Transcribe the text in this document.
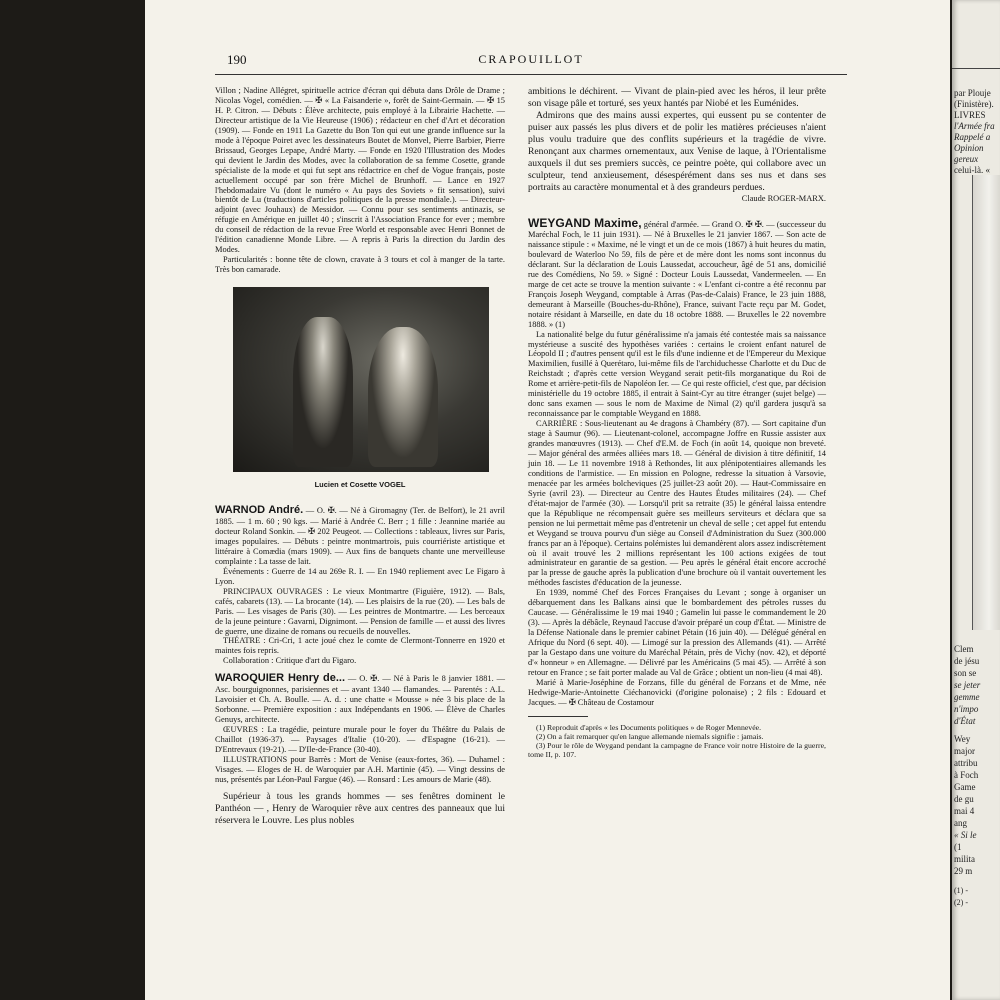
190	CRAPOUILLOT

Villon ; Nadine Allégret, spirituelle actrice d'écran qui débuta dans Drôle de Drame ; Nicolas Vogel, comédien. — ✠ « La Faisanderie », forêt de Saint-Germain. — ✠ 15 H. P. Citron. — Débuts : Élève architecte, puis employé à la Librairie Hachette. — Directeur artistique de la Vie Heureuse (1906) ; rédacteur en chef d'Art et décoration (1909). — Fonde en 1911 La Gazette du Bon Ton qui eut une grande influence sur la mode à l'époque Poiret avec les dessinateurs Boutet de Monvel, Pierre Barbier, Pierre Brissaud, Georges Lepape, André Marty. — Fonde en 1920 l'Illustration des Modes qui devient le Jardin des Modes, avec la collaboration de sa femme Cosette, grande spécialiste de la mode et qui fut sept ans rédactrice en chef de Vogue français, poste actuellement occupé par son frère Michel de Brunhoff. — Lance en 1927 l'hebdomadaire Vu (dont le numéro « Au pays des Soviets » fit sensation), suivi bientôt de Lu (traductions d'articles politiques de la presse mondiale.). — Directeur-adjoint (avec Jouhaux) de Messidor. — Connu pour ses sentiments antinazis, se réfugie en Amérique en juillet 40 ; s'inscrit à l'Association France for ever ; membre du conseil de rédaction de la revue Free World et responsable avec Henri Bonnet de l'édition canadienne Monde Libre. — A repris à Paris la direction du Jardin des Modes.

Particularités : bonne tête de clown, cravate à 3 tours et col à manger de la tarte. Très bon camarade.

Lucien et Cosette VOGEL

WARNOD André. — O. ✠. — Né à Giromagny (Ter. de Belfort), le 21 avril 1885. — 1 m. 60 ; 90 kgs. — Marié à Andrée C. Berr ; 1 fille : Jeannine mariée au docteur Roland Sonkin. — ✠ 202 Peugeot. — Collections : tableaux, livres sur Paris, images populaires. — Débuts : peintre montmartrois, puis courriériste artistique et littéraire à Comædia (mars 1909). — Aux fins de banquets chante une merveilleuse complainte : La tasse de lait.

Événements : Guerre de 14 au 269e R. I. — En 1940 repliement avec Le Figaro à Lyon.

PRINCIPAUX OUVRAGES : Le vieux Montmartre (Figuière, 1912). — Bals, cafés, cabarets (13). — La brocante (14). — Les plaisirs de la rue (20). — Les bals de Paris. — Les visages de Paris (30). — Les peintres de Montmartre. — Les berceaux de la jeune peinture : Gavarni, Dignimont. — Pension de famille — et aussi des livres de guerre, une dizaine de romans ou recueils de nouvelles.

THÉATRE : Cri-Cri, 1 acte joué chez le comte de Clermont-Tonnerre en 1920 et maintes fois repris.

Collaboration : Critique d'art du Figaro.

WAROQUIER Henry de... — O. ✠. — Né à Paris le 8 janvier 1881. — Asc. bourguignonnes, parisiennes et — avant 1340 — flamandes. — Parentés : A.L. Lavoisier et Ch. A. Boulle. — A. d. : une chatte « Mousse » née 3 bis place de la Sorbonne. — Première exposition : aux Indépendants en 1906. — Élève de Charles Genuys, architecte.

ŒUVRES : La tragédie, peinture murale pour le foyer du Théâtre du Palais de Chaillot (1936-37). — Paysages d'Italie (10-20). — d'Espagne (16-21). — D'Entrevaux (19-21). — D'Ile-de-France (30-40).

ILLUSTRATIONS pour Barrès : Mort de Venise (eaux-fortes, 36). — Duhamel : Visages. — Eloges de H. de Waroquier par A.H. Martinie (45). — Vingt dessins de nus, présentés par Léon-Paul Fargue (46). — Ronsard : Les amours de Marie (48).

Supérieur à tous les grands hommes — ses fenêtres dominent le Panthéon — , Henry de Waroquier rêve aux centres des panneaux que lui réservera le Louvre. Les plus nobles

ambitions le déchirent. — Vivant de plain-pied avec les héros, il leur prête son visage pâle et torturé, ses yeux hantés par Niobé et les Euménides.

Admirons que des mains aussi expertes, qui eussent pu se contenter de puiser aux passés les plus divers et de polir les matières précieuses n'aient plus voulu traduire que des conflits supérieurs et la tragédie de vivre. Renonçant aux charmes ornementaux, aux Venise de laque, à l'Orientalisme auxquels il dut ses premiers succès, ce peintre poète, qui collabore avec un sculpteur, tend anxieusement, désespérément dans ses nus et dans ses portraits au caractère monumental et à des grandeurs perdues.

Claude ROGER-MARX.

WEYGAND Maxime, général d'armée. — Grand O. ✠ ✠. — (successeur du Maréchal Foch, le 11 juin 1931). — Né à Bruxelles le 21 janvier 1867. — Son acte de naissance stipule : « Maxime, né le vingt et un de ce mois (1867) à huit heures du matin, boulevard de Waterloo No 59, fils de père et de mère dont les noms sont inconnus du déclarant. Sur la déclaration de Louis Laussedat, accoucheur, âgé de 51 ans, domicilié rue des Comédiens, No 59. » Signé : Docteur Louis Laussedat, Vandermeelen. — En marge de cet acte se trouve la mention suivante : « L'enfant ci-contre a été reconnu par François Joseph Weygand, comptable à Arras (Pas-de-Calais) France, le 23 juin 1888, demeurant à Marseille (Bouches-du-Rhône), France, suivant l'acte reçu par M. Godet, notaire résidant à Marseille, en date du 18 octobre 1888. — Bruxelles le 22 novembre 1888. » (1)

La nationalité belge du futur généralissime n'a jamais été contestée mais sa naissance mystérieuse a suscité des hypothèses variées : certains le croient enfant naturel de Léopold II ; d'autres pensent qu'il est le fils d'une indienne et de l'Empereur du Mexique Maximilien, fusillé à Querétaro, lui-même fils de l'archiduchesse Charlotte et du Duc de Reichstadt ; d'après cette version Weygand serait petit-fils morganatique du Roi de Rome et arrière-petit-fils de Napoléon Ier. — Ce qui reste officiel, c'est que, par décision ministérielle du 19 octobre 1885, il entrait à Saint-Cyr au titre étranger (sujet belge) — donc sans examen — sous le nom de Maxime de Nimal (2) qu'il gardera jusqu'à sa reconnaissance par le comptable Weygand en 1888.

CARRIÈRE : Sous-lieutenant au 4e dragons à Chambéry (87). — Sort capitaine d'un stage à Saumur (96). — Lieutenant-colonel, accompagne Joffre en Russie assister aux grandes manœuvres (1913). — Chef d'E.M. de Foch (in août 14, quoique non breveté. — Major général des armées alliées mars 18. — Général de division à titre définitif, 14 juin 18. — Le 11 novembre 1918 à Rethondes, lit aux plénipotentiaires allemands les conditions de l'armistice. — En mission en Pologne, redresse la situation à Varsovie, menacée par les armées bolcheviques (25 juillet-23 août 20). — Haut-Commissaire en Syrie (avril 23). — Directeur au Centre des Hautes Études militaires (24). — Chef d'état-major de l'armée (30). — Lorsqu'il prit sa retraite (35) le général laissa entendre que la République ne récompensait guère ses meilleurs serviteurs et déclara que sa pension ne lui permettait même pas d'entretenir un cheval de selle ; cet appel fut entendu et Weygand se trouva pourvu d'un siège au Conseil d'Administration du Suez (300.000 francs par an à l'époque). Certains polémistes lui demandèrent alors assez indiscrètement où il avait trouvé les 2 millions représentant les 100 actions exigées de tout administrateur en garantie de sa gestion. — Peu après le général était encore accroché par la presse de gauche après la publication d'une brochure où il vantait ouvertement les méthodes fascistes d'éducation de la jeunesse.

En 1939, nommé Chef des Forces Françaises du Levant ; songe à organiser un débarquement dans les Balkans ainsi que le bombardement des pétroles russes du Caucase. — Généralissime le 19 mai 1940 ; Gamelin lui passe le commandement le 20 (3). — Après la débâcle, Reynaud l'accuse d'avoir préparé un coup d'État. — Ministre de la Défense Nationale dans le premier cabinet Pétain (16 juin 40). — Délégué général en Afrique du Nord (6 sept. 40). — Limogé sur la pression des Allemands (41). — Arrêté par la Gestapo dans une voiture du Maréchal Pétain, près de Vichy (nov. 42), et déporté d'« honneur » en Allemagne. — Délivré par les Américains (5 mai 45). — Arrêté à son retour en France ; se fait porter malade au Val de Grâce ; obtient un non-lieu (4 mai 48).

Marié à Marie-Joséphine de Forzans, fille du général de Forzans et de Mme, née Hedwige-Marie-Antoinette Ciéchanovicki (d'origine polonaise) ; 2 fils : Edouard et Jacques. — ✠ Château de Costamour

(1) Reproduit d'après « les Documents politiques » de Roger Mennevée.

(2) On a fait remarquer qu'en langue allemande niemals signifie : jamais.

(3) Pour le rôle de Weygand pendant la campagne de France voir notre Histoire de la guerre, tome II, p. 107.

par Plouje
(Finistère).
LIVRES
l'Armée fra
Rappelé a
Opinion
gereux
celui-là. «
Clem
de jésu
son se
se jeter
gemme
n'impo
d'État
Wey
major
attribu
à Foch
Game
de gu
mai 4
ang
« Si le
(1
milita
29 m
(1) -
(2) -
